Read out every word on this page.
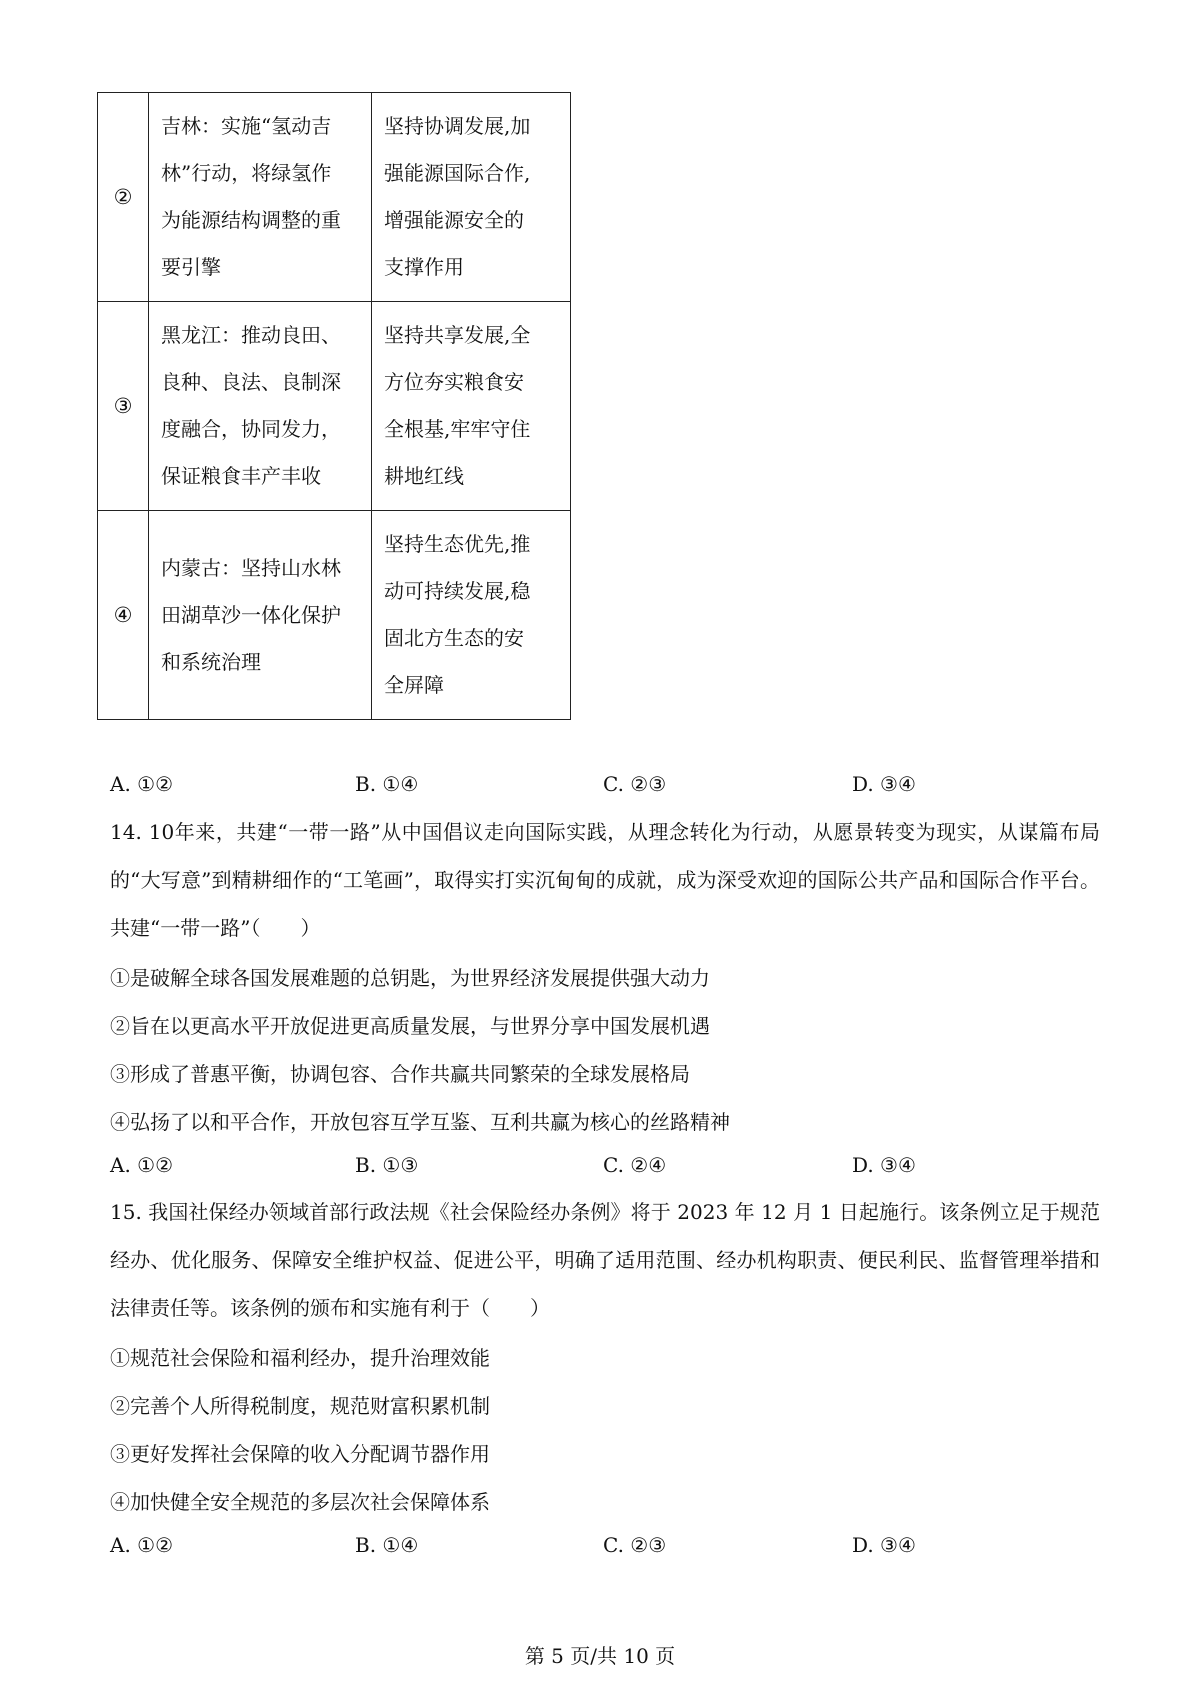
②	吉林：实施“氢动吉
林”行动，将绿氢作
为能源结构调整的重
要引擎	坚持协调发展,加
强能源国际合作,
增强能源安全的
支撑作用

③	黑龙江：推动良田、
良种、良法、良制深
度融合，协同发力，
保证粮食丰产丰收	坚持共享发展,全
方位夯实粮食安
全根基,牢牢守住
耕地红线

④	内蒙古：坚持山水林
田湖草沙一体化保护
和系统治理	坚持生态优先,推
动可持续发展,稳
固北方生态的安
全屏障
A. ①②	B. ①④	C. ②③	D. ③④
14. 10年来，共建“一带一路”从中国倡议走向国际实践，从理念转化为行动，从愿景转变为现实，从谋篇布局的“大写意”到精耕细作的“工笔画”，取得实打实沉甸甸的成就，成为深受欢迎的国际公共产品和国际合作平台。共建“一带一路”（　　）
①是破解全球各国发展难题的总钥匙，为世界经济发展提供强大动力
②旨在以更高水平开放促进更高质量发展，与世界分享中国发展机遇
③形成了普惠平衡，协调包容、合作共赢共同繁荣的全球发展格局
④弘扬了以和平合作，开放包容互学互鉴、互利共赢为核心的丝路精神
A. ①②	B. ①③	C. ②④	D. ③④
15. 我国社保经办领域首部行政法规《社会保险经办条例》将于 2023 年 12 月 1 日起施行。该条例立足于规范经办、优化服务、保障安全维护权益、促进公平，明确了适用范围、经办机构职责、便民利民、监督管理举措和法律责任等。该条例的颁布和实施有利于（　　）
①规范社会保险和福利经办，提升治理效能
②完善个人所得税制度，规范财富积累机制
③更好发挥社会保障的收入分配调节器作用
④加快健全安全规范的多层次社会保障体系
A. ①②	B. ①④	C. ②③	D. ③④
第 5 页/共 10 页
